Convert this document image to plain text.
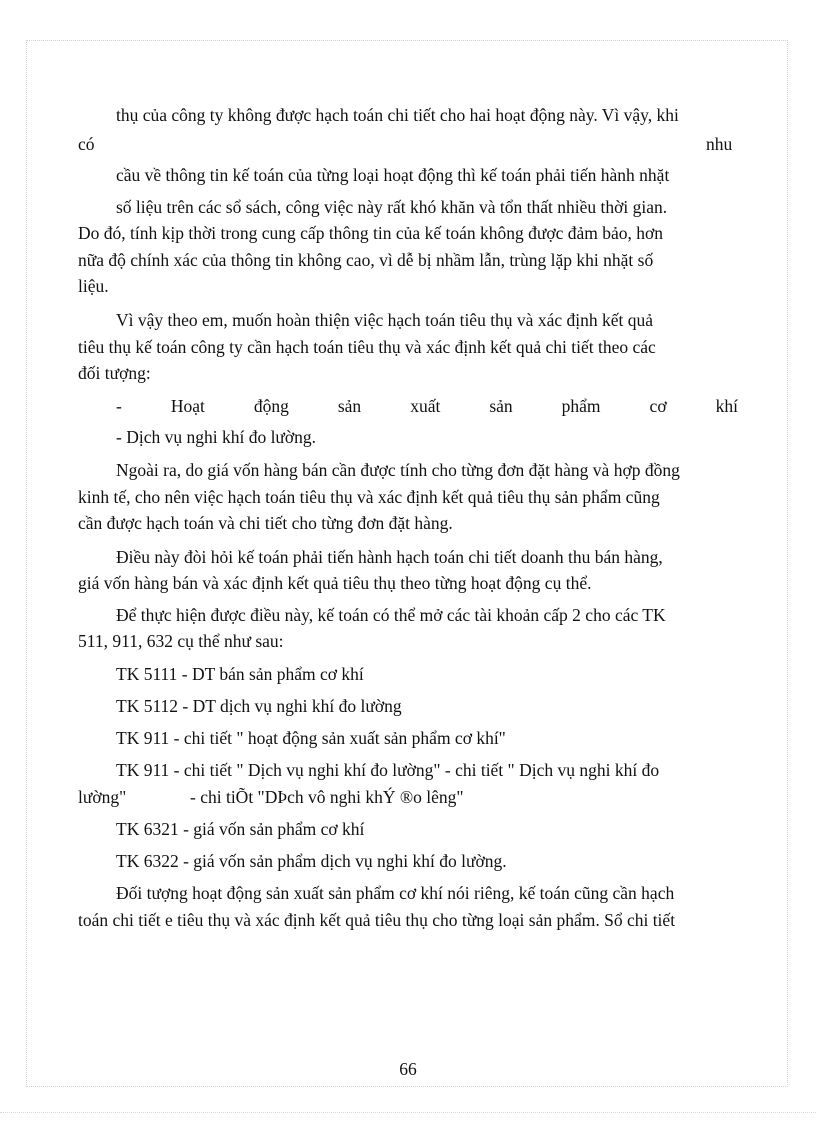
thụ của công ty không được hạch toán chi tiết cho hai hoạt động này. Vì vậy, khi
có	nhu
cầu về thông tin kế toán của từng loại hoạt động thì kế toán phải tiến hành nhặt
số liệu trên các sổ sách, công việc này rất khó khăn và tổn thất nhiều thời gian.
Do đó, tính kịp thời trong cung cấp thông tin của kế toán không được đảm bảo, hơn
nữa độ chính xác của thông tin không cao, vì dễ bị nhầm lẫn, trùng lặp khi nhặt số
liệu.
Vì vậy theo em, muốn hoàn thiện việc hạch toán tiêu thụ và xác định kết quả
tiêu thụ kế toán công ty cần hạch toán tiêu thụ và xác định kết quả chi tiết theo các
đối tượng:
-	Hoạt	động	sản	xuất	sản	phẩm	cơ	khí
- Dịch vụ nghi khí đo lường.
Ngoài ra, do giá vốn hàng bán cần được tính cho từng đơn đặt hàng và hợp đồng
kinh tế, cho nên việc hạch toán tiêu thụ và xác định kết quả tiêu thụ sản phẩm cũng
cần được hạch toán và chi tiết cho từng đơn đặt hàng.
Điều này đòi hỏi kế toán phải tiến hành hạch toán chi tiết doanh thu bán hàng,
giá vốn hàng bán và xác định kết quả tiêu thụ theo từng hoạt động cụ thể.
Để thực hiện được điều này, kế toán có thể mở các tài khoản cấp 2 cho các TK
511, 911, 632 cụ thể như sau:
TK 5111 - DT bán sản phẩm cơ khí
TK 5112 - DT dịch vụ nghi khí đo lường
TK 911 - chi tiết " hoạt động sản xuất sản phẩm cơ khí"
TK 911 - chi tiết " Dịch vụ nghi khí đo lường" - chi tiết " Dịch vụ nghi khí đo
lường"	- chi tiÕt "DÞch vô nghi khÝ ®o lêng"
TK 6321 - giá vốn sản phẩm cơ khí
TK 6322 - giá vốn sản phẩm dịch vụ nghi khí đo lường.
Đối tượng hoạt động sản xuất sản phẩm cơ khí nói riêng, kế toán cũng cần hạch
toán chi tiết e tiêu thụ và xác định kết quả tiêu thụ cho từng loại sản phẩm. Sổ chi tiết
66
